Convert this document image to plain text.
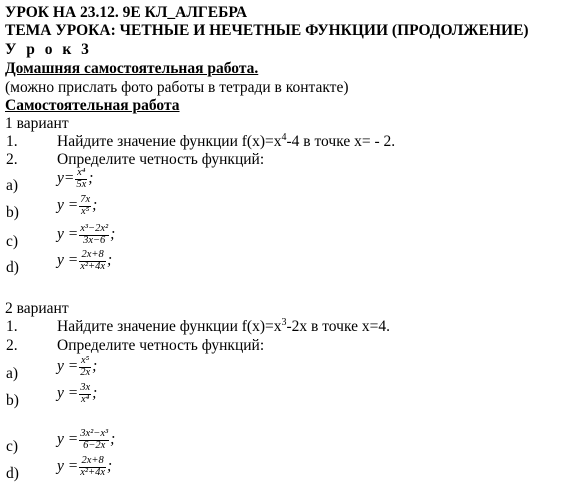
УРОК НА 23.12. 9Е КЛ_АЛГЕБРА
ТЕМА УРОКА: ЧЕТНЫЕ И НЕЧЕТНЫЕ ФУНКЦИИ (ПРОДОЛЖЕНИЕ)
У р о к 3
Домашняя самостоятельная работа.
(можно прислать фото работы в тетради в контакте)
Самостоятельная работа
1 вариант
1.	Найдите значение функции $f(x)=x^4-4$ в точке x= - 2.
2.	Определите четность функций:
a)	$y= \frac{\text{x⁴}}{5x}$ ;
b) $y = \frac{7x}{\text{x⁵}}$ ;
c)	$y = \frac{\text{x³−2x²}}{3x-6}$ ;
d) $y = \frac{2x+8}{\text{x²+4x}}$ ;
2 вариант
1.	Найдите значение функции $f(x)=x^3-2x$ в точке x=4.
2.	Определите четность функций:
a)	$y = \frac{\text{x⁵}}{2x}$ ;
b) $y = \frac{3x}{\text{x⁴}}$ ;
c)	$y = \frac{\text{3x²−x³}}{6-2x}$ ;
d) $y = \frac{2x+8}{\text{x²+4x}}$ ;
